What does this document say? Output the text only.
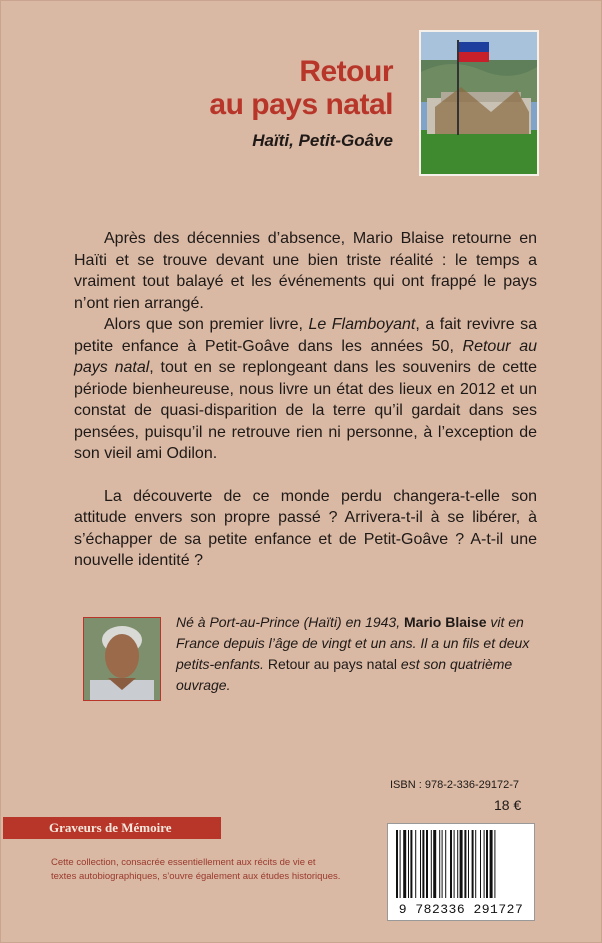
Retour
au pays natal
Haïti, Petit-Goâve

Après des décennies d’absence, Mario Blaise retourne en Haïti et se trouve devant une bien triste réalité : le temps a vraiment tout balayé et les événements qui ont frappé le pays n’ont rien arrangé.

Alors que son premier livre, Le Flamboyant, a fait revivre sa petite enfance à Petit-Goâve dans les années 50, Retour au pays natal, tout en se replongeant dans les souvenirs de cette période bienheureuse, nous livre un état des lieux en 2012 et un constat de quasi-disparition de la terre qu’il gardait dans ses pensées, puisqu’il ne retrouve rien ni personne, à l’exception de son vieil ami Odilon.

La découverte de ce monde perdu changera-t-elle son attitude envers son propre passé ? Arrivera-t-il à se libérer, à s’échapper de sa petite enfance et de Petit-Goâve ? A-t-il une nouvelle identité ?

Né à Port-au-Prince (Haïti) en 1943, Mario Blaise vit en France depuis l’âge de vingt et un ans. Il a un fils et deux petits-enfants. Retour au pays natal est son quatrième ouvrage.
ISBN : 978-2-336-29172-7
18 €
Graveurs de Mémoire
Cette collection, consacrée essentiellement aux récits de vie et textes autobiographiques, s’ouvre également aux études historiques.
9 782336 291727
